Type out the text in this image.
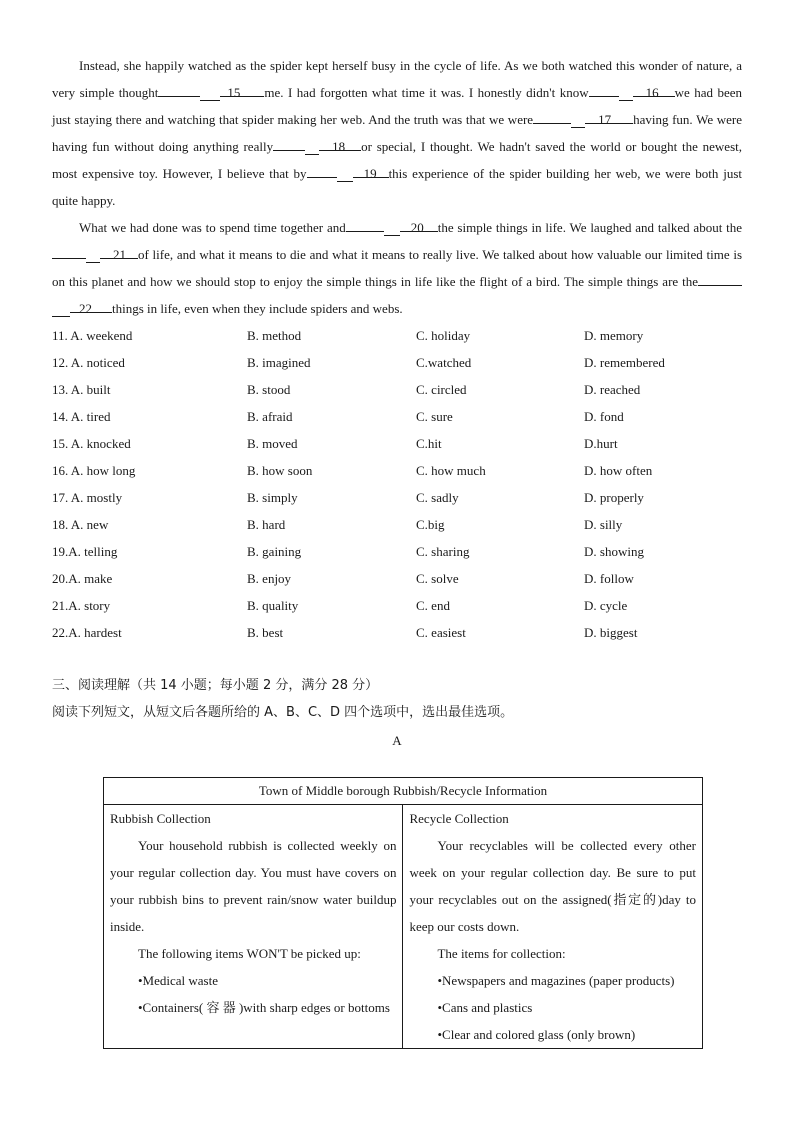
Instead, she happily watched as the spider kept herself busy in the cycle of life. As we both watched this wonder of nature, a very simple thought	15 me. I had forgotten what time it was. I honestly didn't know	16 we had been just staying there and watching that spider making her web. And the truth was that we were	17 having fun. We were having fun without doing anything really	18 or special, I thought. We hadn't saved the world or bought the newest, most expensive toy. However, I believe that by	19 this experience of the spider building her web, we were both just quite happy.

What we had done was to spend time together and	20 the simple things in life. We laughed and talked about the21 of life, and what it means to die and what it means to really live. We talked about how valuable our limited time is on this planet and how we should stop to enjoy the simple things in life like the flight of a bird. The simple things are the22 things in life, even when they include spiders and webs.

11. A. weekend	B. method	C. holiday	D. memory
12. A. noticed	B. imagined	C.watched	D. remembered
13. A. built	B. stood	C. circled	D. reached
14. A. tired	B. afraid	C. sure	D. fond
15. A. knocked	B. moved	C.hit	D.hurt
16. A. how long	B. how soon	C. how much	D. how often
17. A. mostly	B. simply	C. sadly	D. properly
18. A. new	B. hard	C.big	D. silly
19.A. telling	B. gaining	C. sharing	D. showing
20.A. make	B. enjoy	C. solve	D. follow
21.A. story	B. quality	C. end	D. cycle
22.A. hardest	B. best	C. easiest	D. biggest
三、阅读理解（共 14 小题；每小题 2 分，满分 28 分）
阅读下列短文，从短文后各题所给的 A、B、C、D 四个选项中，选出最佳选项。
A
Town of Middle borough Rubbish/Recycle Information

Rubbish Collection

Your household rubbish is collected weekly on your regular collection day. You must have covers on your rubbish bins to prevent rain/snow water buildup inside.

The following items WON'T be picked up:

•Medical waste

•Containers( 容 器 )with sharp edges or bottoms

Recycle Collection

Your recyclables will be collected every other week on your regular collection day. Be sure to put your recyclables out on the assigned(指定的)day to keep our costs down.

The items for collection:

•Newspapers and magazines (paper products)

•Cans and plastics

•Clear and colored glass (only brown)
